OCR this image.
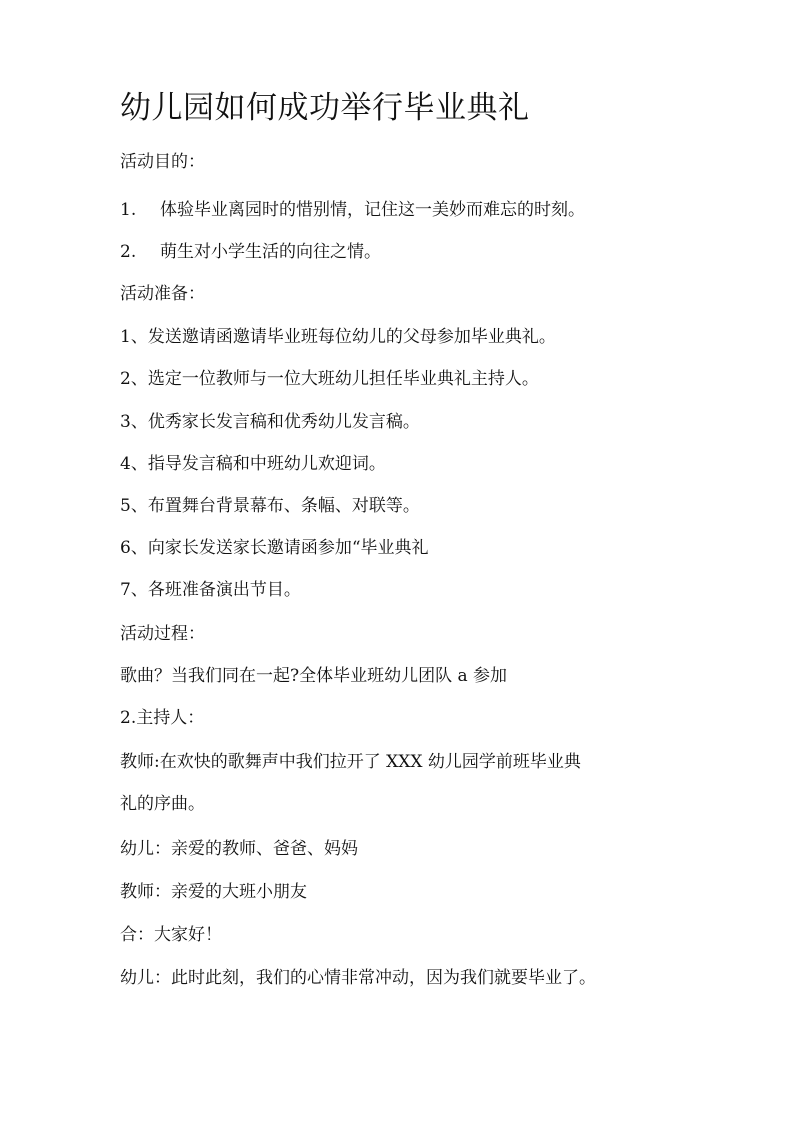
幼儿园如何成功举行毕业典礼

活动目的：

1. 体验毕业离园时的惜别情，记住这一美妙而难忘的时刻。

2. 萌生对小学生活的向往之情。

活动准备：

1、发送邀请函邀请毕业班每位幼儿的父母参加毕业典礼。

2、选定一位教师与一位大班幼儿担任毕业典礼主持人。

3、优秀家长发言稿和优秀幼儿发言稿。

4、指导发言稿和中班幼儿欢迎词。

5、布置舞台背景幕布、条幅、对联等。

6、向家长发送家长邀请函参加“毕业典礼

7、各班准备演出节目。

活动过程：

歌曲？当我们同在一起?全体毕业班幼儿团队 a 参加

2.主持人：

教师:在欢快的歌舞声中我们拉开了 XXX 幼儿园学前班毕业典

礼的序曲。

幼儿：亲爱的教师、爸爸、妈妈

教师：亲爱的大班小朋友

合：大家好！

幼儿：此时此刻，我们的心情非常冲动，因为我们就要毕业了。
